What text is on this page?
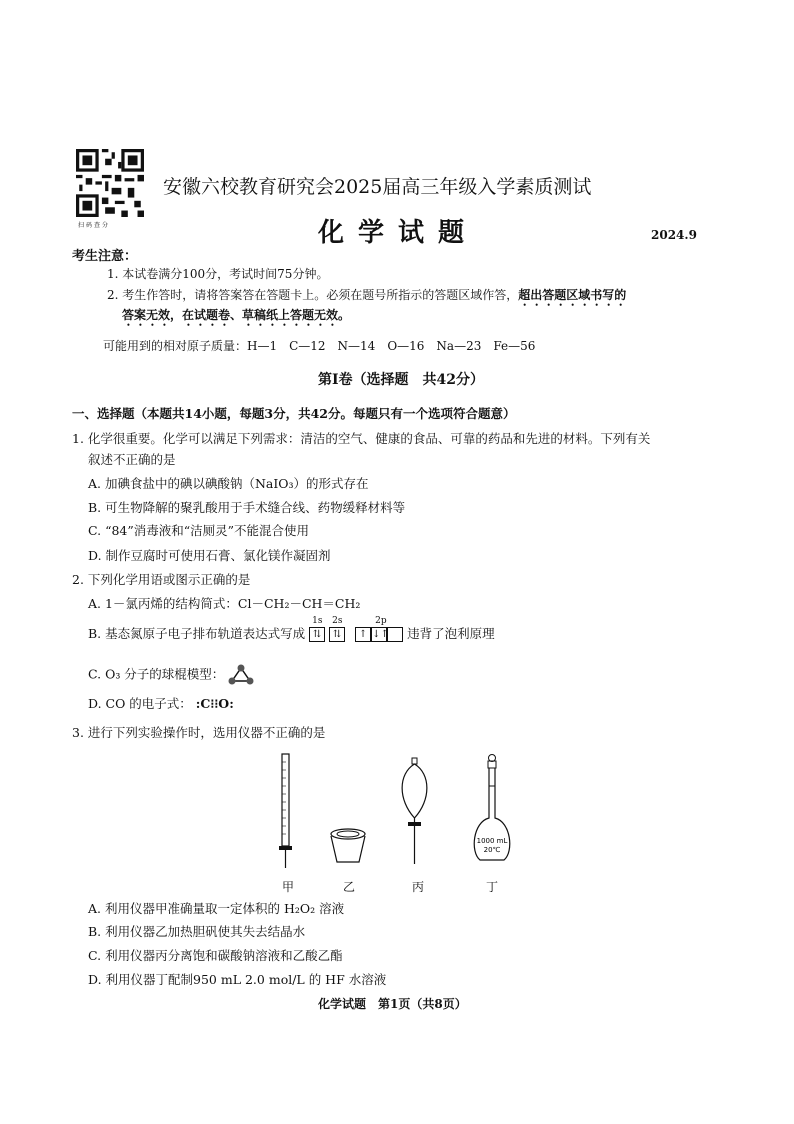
扫码查分
安徽六校教育研究会2025届高三年级入学素质测试
化学试题	2024.9
考生注意：
1. 本试卷满分100分，考试时间75分钟。
2. 考生作答时，请将答案答在答题卡上。必须在题号所指示的答题区域作答，超出答题区域书写的
答案无效，在试题卷、草稿纸上答题无效。
可能用到的相对原子质量：H—1　C—12　N—14　O—16　Na—23　Fe—56
第Ⅰ卷（选择题　共42分）
一、选择题（本题共14小题，每题3分，共42分。每题只有一个选项符合题意）
1. 化学很重要。化学可以满足下列需求：清洁的空气、健康的食品、可靠的药品和先进的材料。下列有关
叙述不正确的是
A. 加碘食盐中的碘以碘酸钠（NaIO₃）的形式存在
B. 可生物降解的聚乳酸用于手术缝合线、药物缓释材料等
C. “84”消毒液和“洁厕灵”不能混合使用
D. 制作豆腐时可使用石膏、氯化镁作凝固剂
2. 下列化学用语或图示正确的是
A. 1－氯丙烯的结构简式：Cl－CH₂－CH＝CH₂
B. 基态氮原子电子排布轨道表达式写成
1s
⇅
2s
⇅
2p
↑ ↓↑ 违背了泡利原理
C. O₃ 分子的球棍模型：
D. CO 的电子式： :C⁝⁝O:
3. 进行下列实验操作时，选用仪器不正确的是
1000 mL
20℃
甲	乙	丙	丁
A. 利用仪器甲准确量取一定体积的 H₂O₂ 溶液
B. 利用仪器乙加热胆矾使其失去结晶水
C. 利用仪器丙分离饱和碳酸钠溶液和乙酸乙酯
D. 利用仪器丁配制950 mL 2.0 mol/L 的 HF 水溶液
化学试题　第1页（共8页）
